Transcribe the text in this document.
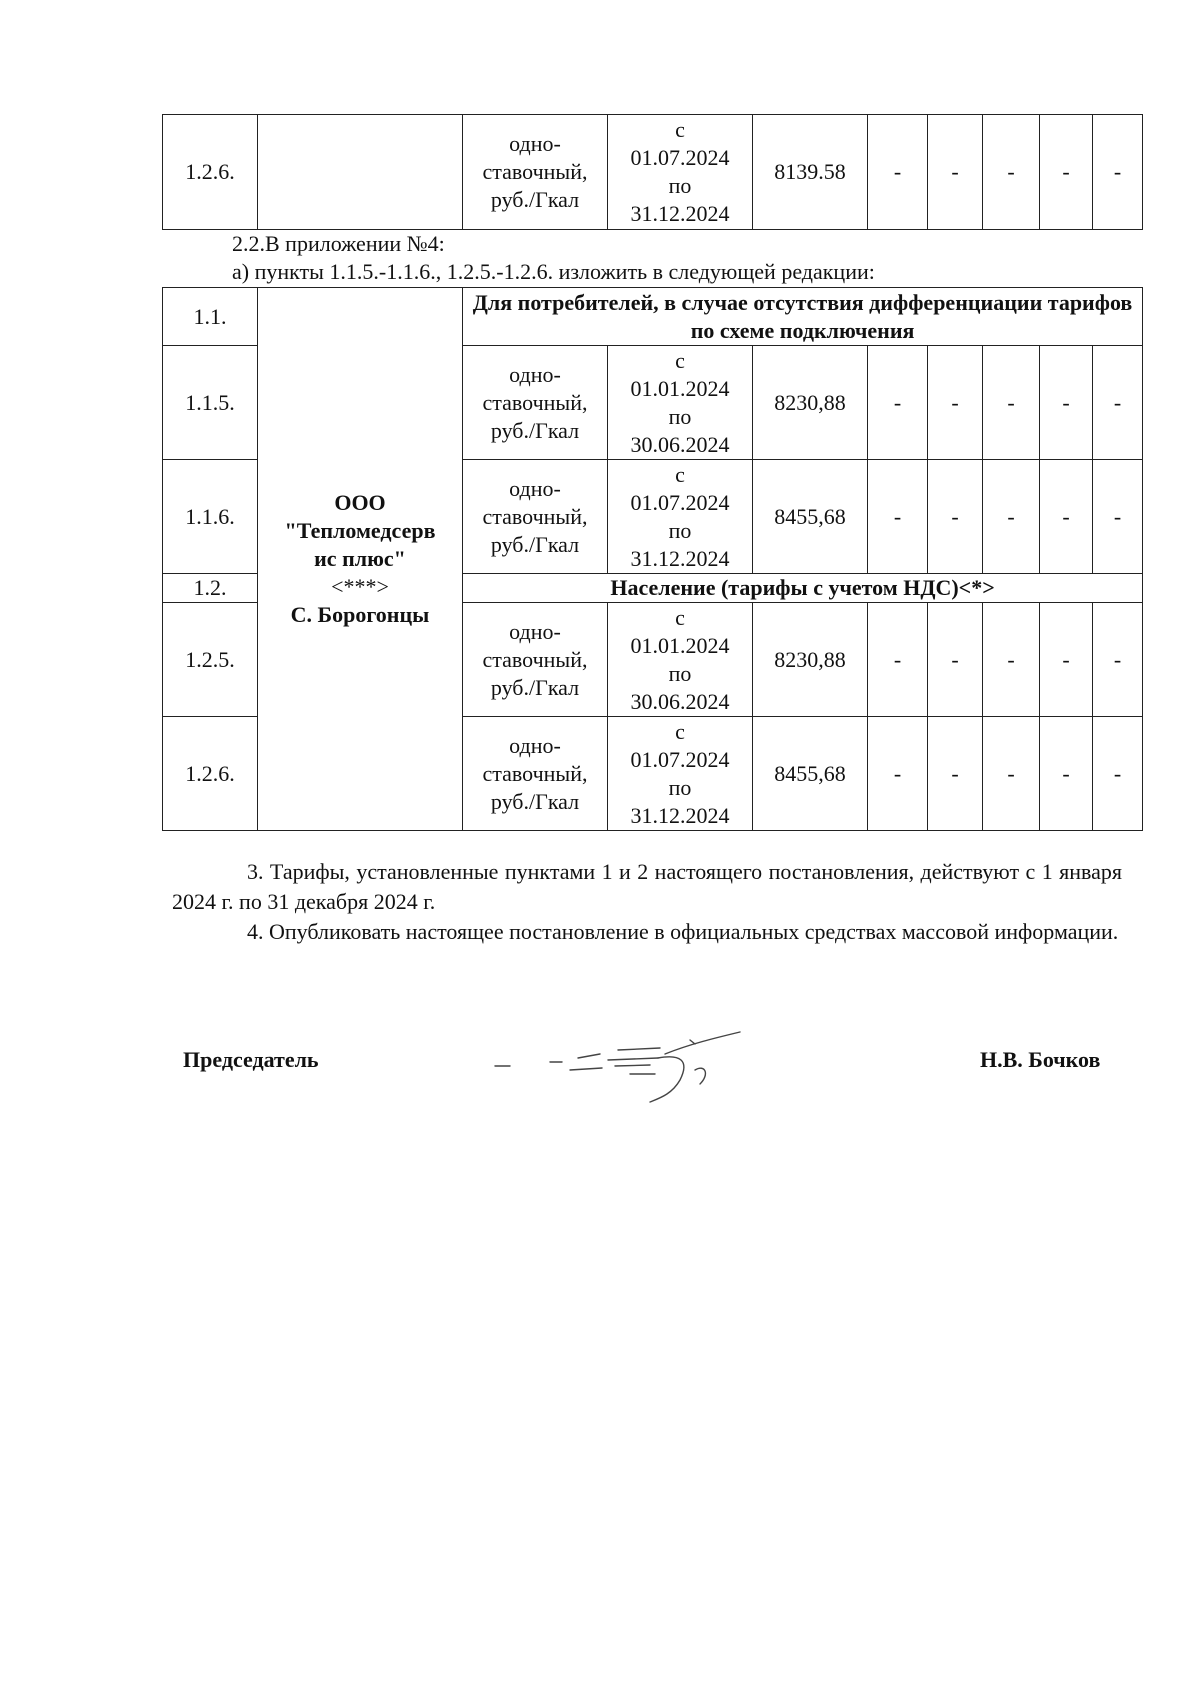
1.2.6.		одно-ставочный, руб./Гкал	
с
01.07.2024
по
31.12.2024
	8139.58	-	-	-	-	-
2.2.В приложении №4:
а) пункты 1.1.5.-1.1.6., 1.2.5.-1.2.6. изложить в следующей редакции:
1.1.	ООО
"Тепломедсерв
ис плюс"
<***>
С. Борогонцы	Для потребителей, в случае отсутствия дифференциации тарифов по схеме подключения							
1.1.5.		одно-ставочный, руб./Гкал	с
01.01.2024
по
30.06.2024	8230,88	-	-	-	-	-
1.1.6.		одно-ставочный, руб./Гкал	с
01.07.2024
по
31.12.2024	8455,68	-	-	-	-	-
1.2.		Население (тарифы с учетом НДС)<*>							
1.2.5.		одно-ставочный, руб./Гкал	с
01.01.2024
по
30.06.2024	8230,88	-	-	-	-	-
1.2.6.		одно-ставочный, руб./Гкал	с
01.07.2024
по
31.12.2024	8455,68	-	-	-	-	-
3. Тарифы, установленные пунктами 1 и 2 настоящего постановления, действуют с 1 января 2024 г. по 31 декабря 2024 г.
4. Опубликовать настоящее постановление в официальных средствах массовой информации.
Председатель	Н.В. Бочков
